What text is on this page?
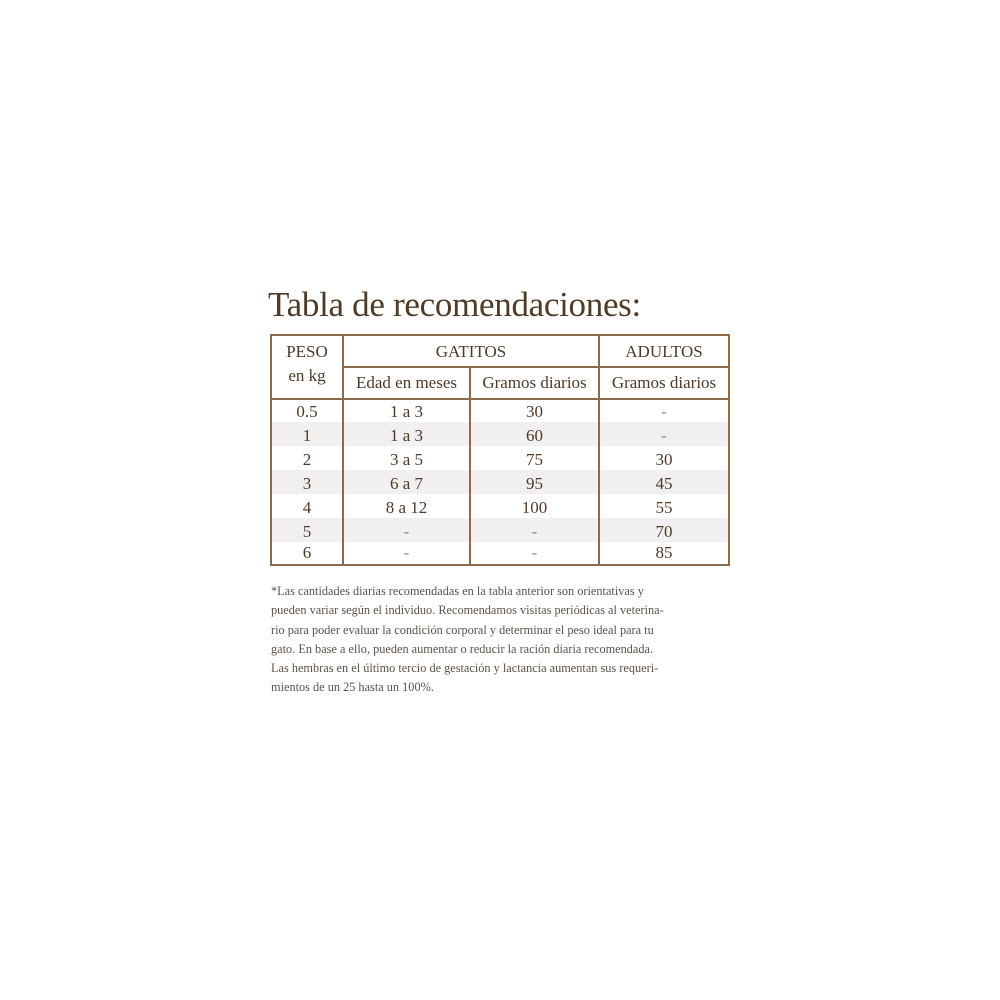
Tabla de recomendaciones:
PESO
en kg
GATITOS	ADULTOS
Edad en meses	Gramos diarios	Gramos diarios
0.5	1 a 3	30	-
1	1 a 3	60	-
2	3 a 5	75	30
3	6 a 7	95	45
4	8 a 12	100	55
5	-	-	70
6	-	-	85
*Las cantidades diarias recomendadas en la tabla anterior son orientativas y
pueden variar según el individuo. Recomendamos visitas periódicas al veterina-
rio para poder evaluar la condición corporal y determinar el peso ideal para tu
gato. En base a ello, pueden aumentar o reducir la ración diaria recomendada.
Las hembras en el último tercio de gestación y lactancia aumentan sus requeri-
mientos de un 25 hasta un 100%.
